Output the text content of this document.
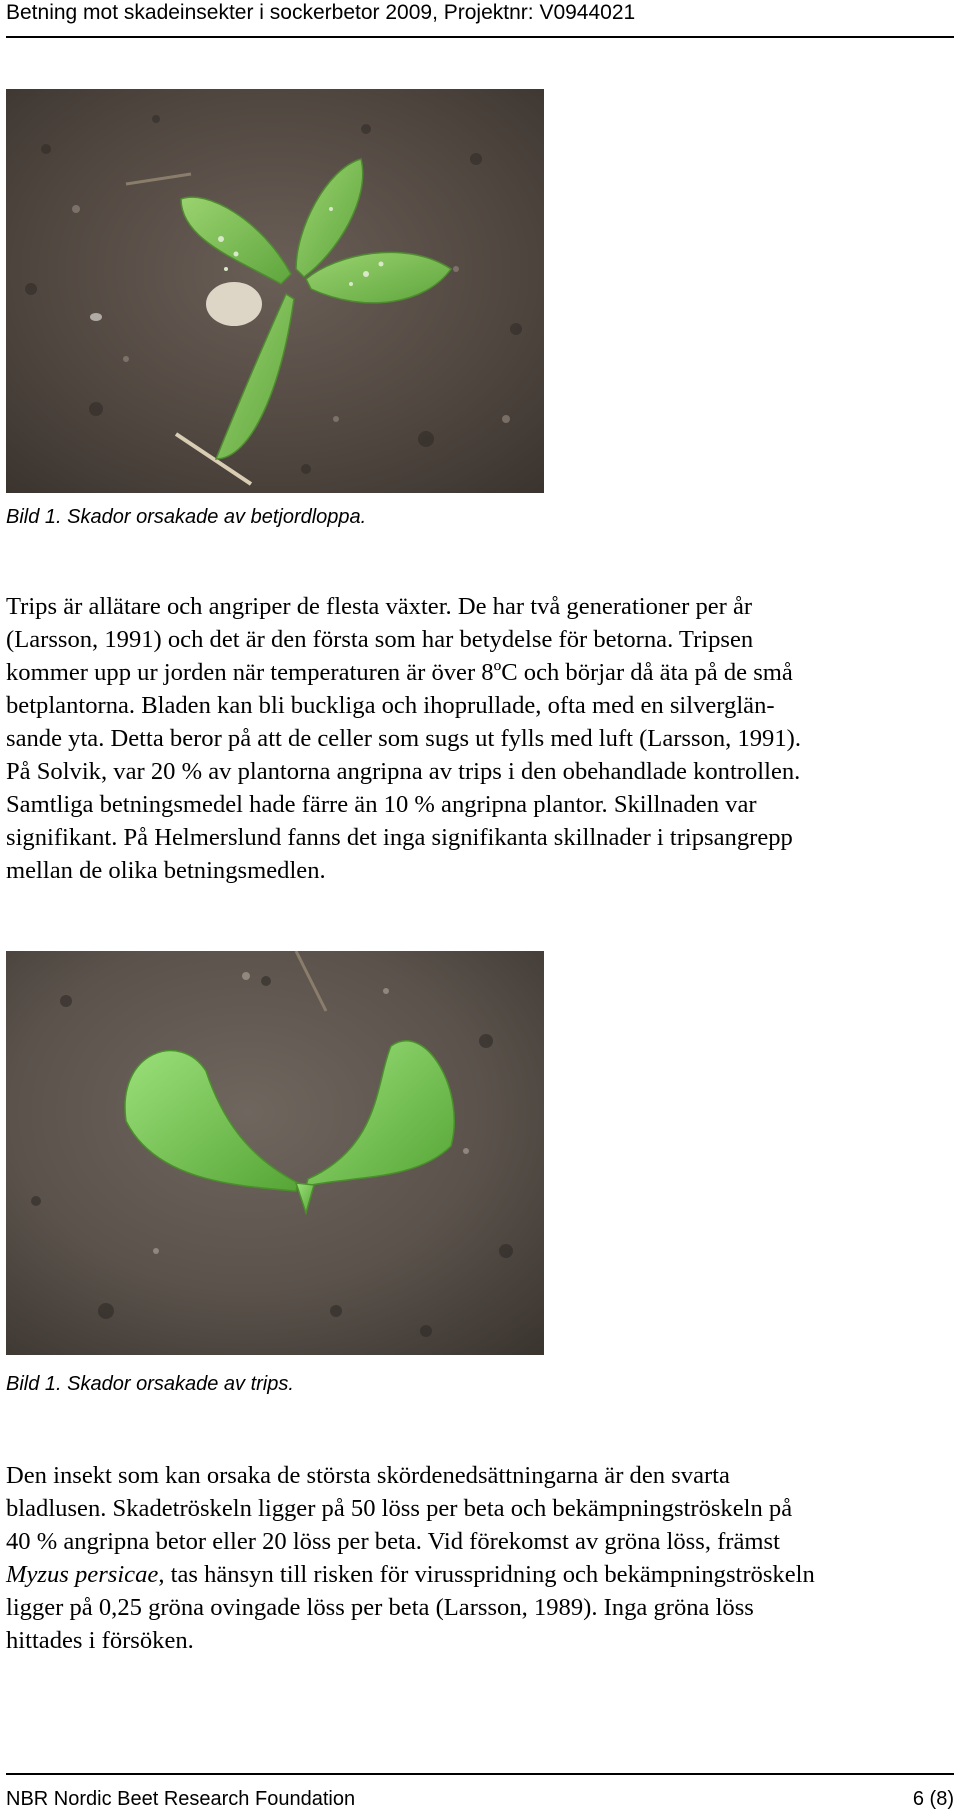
Betning mot skadeinsekter i sockerbetor 2009, Projektnr: V0944021
Bild 1. Skador orsakade av betjordloppa.
Trips är allätare och angriper de flesta växter. De har två generationer per år
(Larsson, 1991) och det är den första som har betydelse för betorna. Tripsen
kommer upp ur jorden när temperaturen är över 8ºC och börjar då äta på de små
betplantorna. Bladen kan bli buckliga och ihoprullade, ofta med en silverglän-
sande yta. Detta beror på att de celler som sugs ut fylls med luft (Larsson, 1991).
På Solvik, var 20 % av plantorna angripna av trips i den obehandlade kontrollen.
Samtliga betningsmedel hade färre än 10 % angripna plantor. Skillnaden var
signifikant. På Helmerslund fanns det inga signifikanta skillnader i tripsangrepp
mellan de olika betningsmedlen.
Bild 1. Skador orsakade av trips.
Den insekt som kan orsaka de största skördenedsättningarna är den svarta
bladlusen. Skadetröskeln ligger på 50 löss per beta och bekämpningströskeln på
40 % angripna betor eller 20 löss per beta. Vid förekomst av gröna löss, främst
Myzus persicae, tas hänsyn till risken för virusspridning och bekämpningströskeln
ligger på 0,25 gröna ovingade löss per beta (Larsson, 1989). Inga gröna löss
hittades i försöken.
NBR Nordic Beet Research Foundation	6 (8)
